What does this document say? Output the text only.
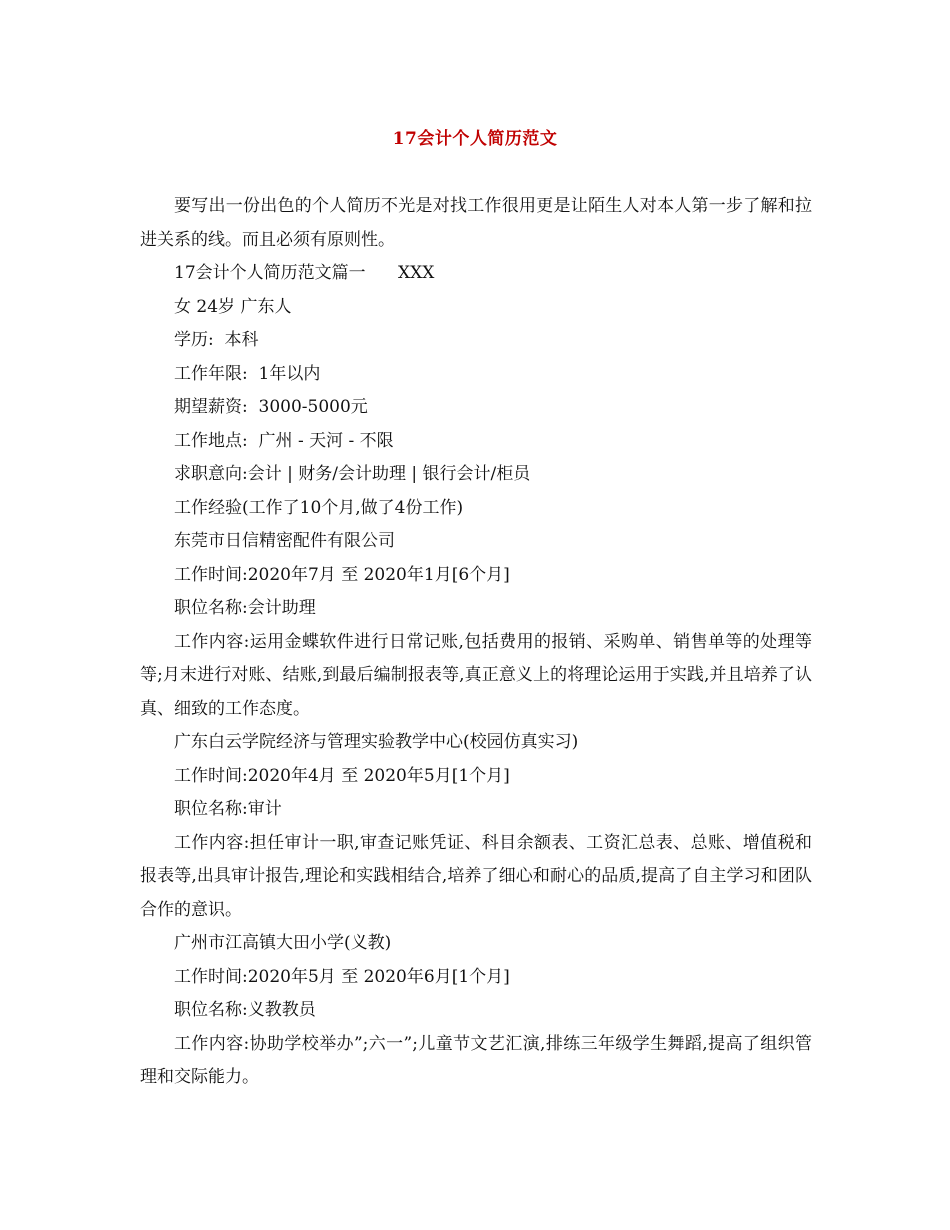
17会计个人简历范文

要写出一份出色的个人简历不光是对找工作很用更是让陌生人对本人第一步了解和拉进关系的线。而且必须有原则性。

17会计个人简历范文篇一      XXX

女 24岁 广东人

学历:  本科

工作年限:  1年以内

期望薪资:  3000-5000元

工作地点:  广州 - 天河 - 不限

求职意向:会计 | 财务/会计助理 | 银行会计/柜员

工作经验(工作了10个月,做了4份工作)

东莞市日信精密配件有限公司

工作时间:2020年7月 至 2020年1月[6个月]

职位名称:会计助理

工作内容:运用金蝶软件进行日常记账,包括费用的报销、采购单、销售单等的处理等等;月末进行对账、结账,到最后编制报表等,真正意义上的将理论运用于实践,并且培养了认真、细致的工作态度。

广东白云学院经济与管理实验教学中心(校园仿真实习)

工作时间:2020年4月 至 2020年5月[1个月]

职位名称:审计

工作内容:担任审计一职,审查记账凭证、科目余额表、工资汇总表、总账、增值税和报表等,出具审计报告,理论和实践相结合,培养了细心和耐心的品质,提高了自主学习和团队合作的意识。

广州市江高镇大田小学(义教)

工作时间:2020年5月 至 2020年6月[1个月]

职位名称:义教教员

工作内容:协助学校举办”;六一”;儿童节文艺汇演,排练三年级学生舞蹈,提高了组织管理和交际能力。
